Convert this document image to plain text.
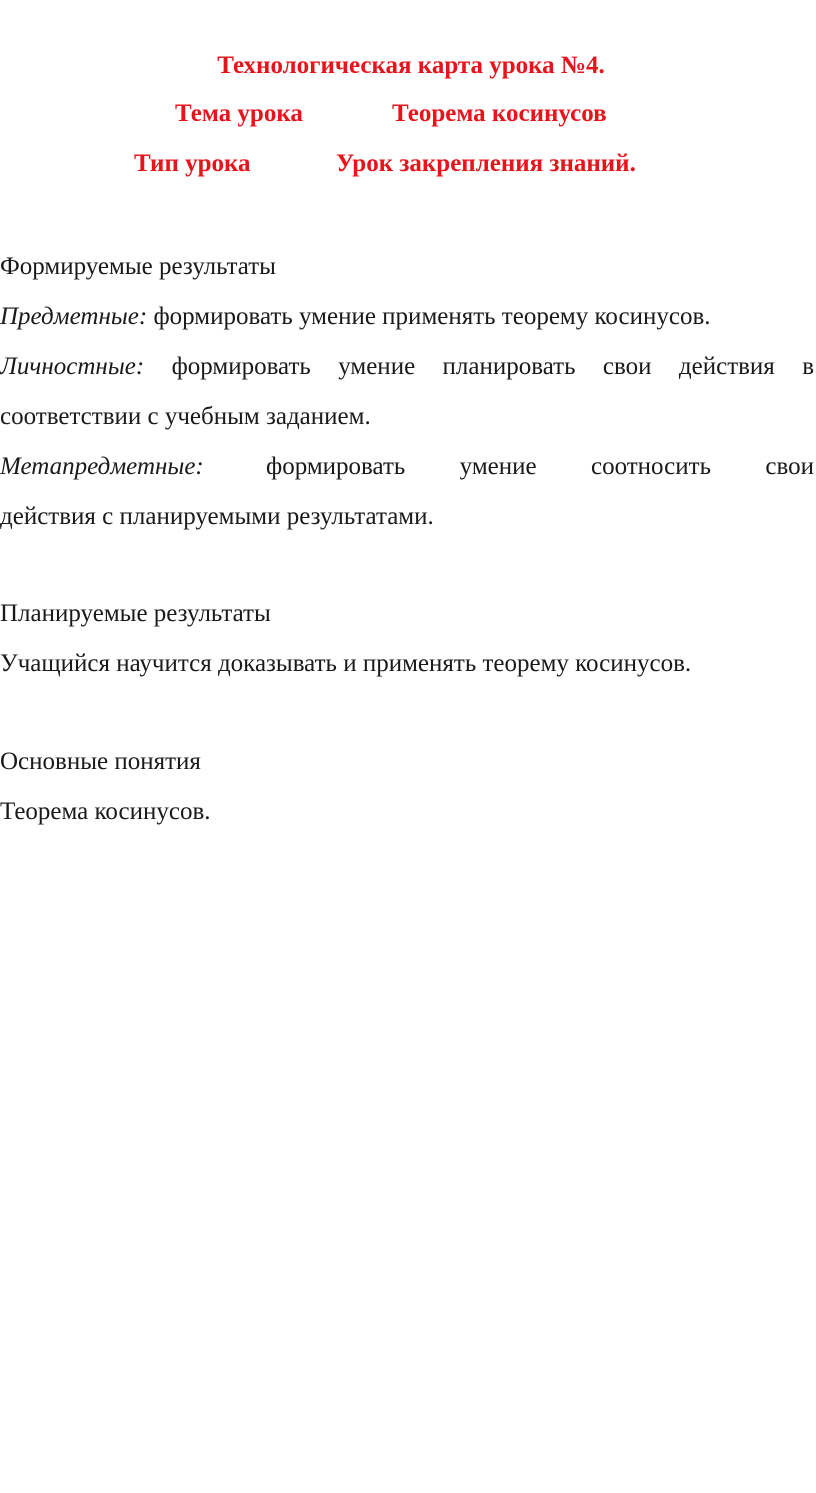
Технологическая карта урока №4.
Тема урока	Теорема косинусов
Тип урока	Урок закрепления знаний.

Формируемые результаты

Предметные: формировать умение применять теорему косинусов.

Личностные: формировать умение планировать свои действия в

соответствии с учебным заданием.

Метапредметные: формировать умение соотносить свои

действия с планируемыми результатами.

Планируемые результаты

Учащийся научится доказывать и применять теорему косинусов.

Основные понятия

Теорема косинусов.
